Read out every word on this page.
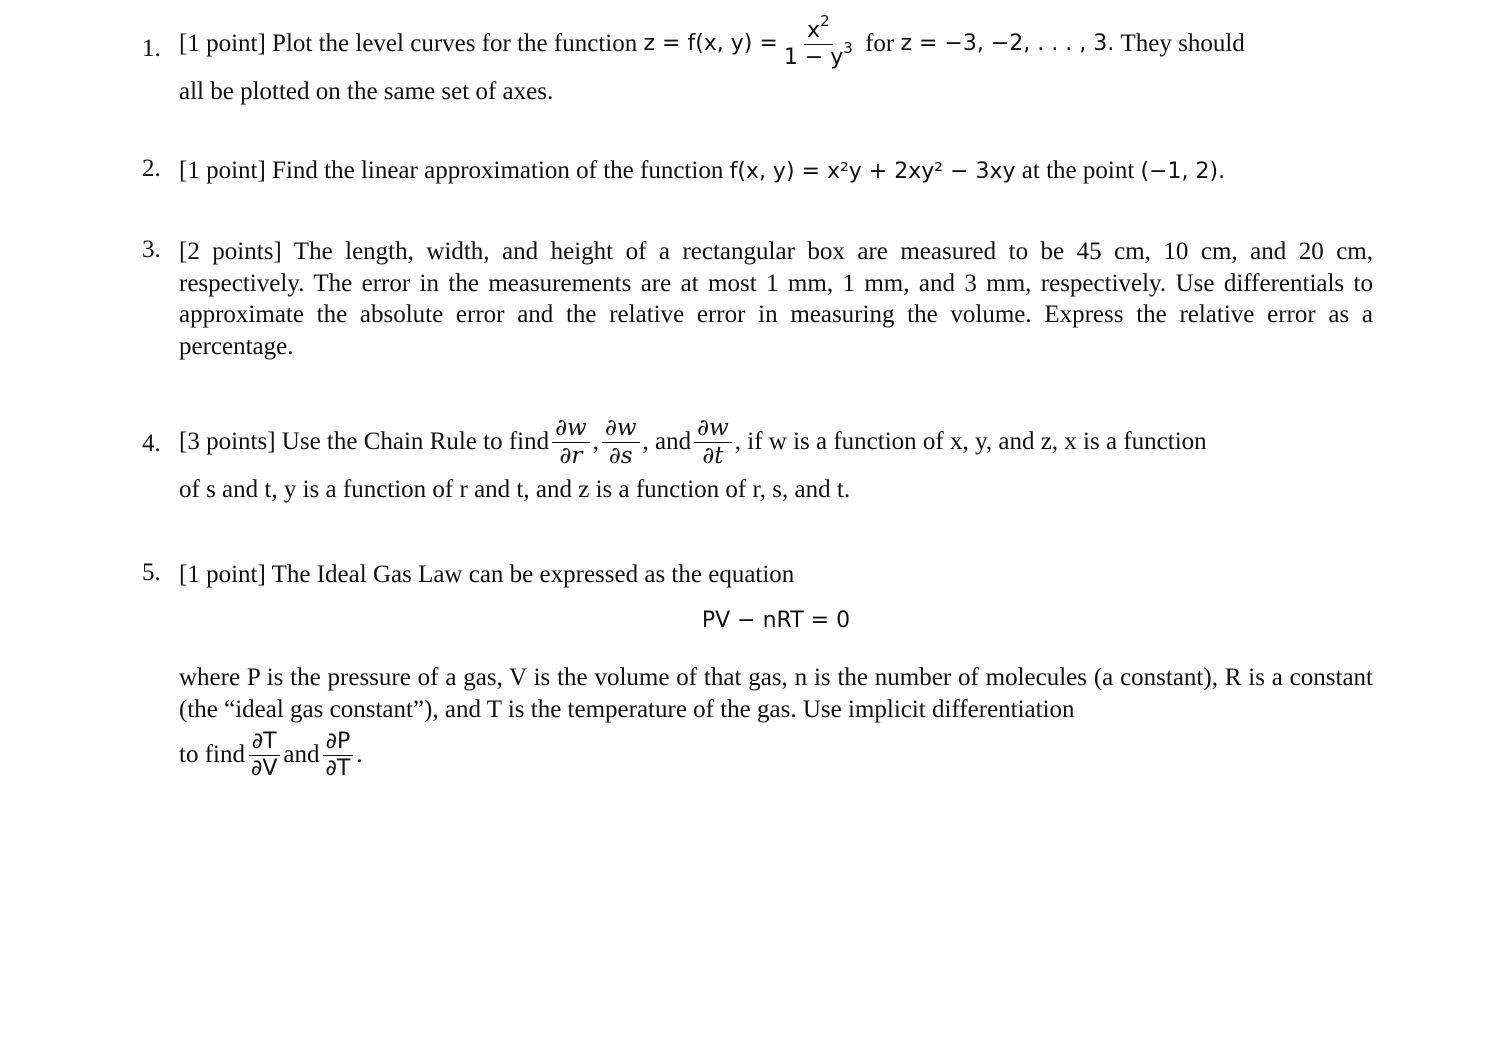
1. [1 point]
Plot the level curves for the function
z = f(x, $y) = \frac{x^2}{1 - y^3}$
for
z = −3, −2, . . . , 3.
They should
all be plotted on the same set of axes.
2. [1 point] Find the linear approximation of the function f(x, y) = x²y + 2xy² − 3xy at the point (−1, 2).
3. [2 points] The length, width, and height of a rectangular box are measured to be 45 cm, 10 cm, and 20 cm, respectively. The error in the measurements are at most 1 mm, 1 mm, and 3 mm, respectively. Use differentials to approximate the absolute error and the relative error in measuring the volume. Express the relative error as a percentage.
4. [3 points]
Use the Chain Rule to find $\frac{\partial w}{\partial r}$ , $\frac{\partial w}{\partial s}$ , and $\frac{\partial w}{\partial t}$ , if w is a function of x, y, and z, x is a function
of s and t, y is a function of r and t, and z is a function of r, s, and t.
5. [1 point] The Ideal Gas Law can be expressed as the equation
PV − nRT = 0
where P is the pressure of a gas, V is the volume of that gas, n is the number of molecules (a constant), R is a constant (the “ideal gas constant”), and T is the temperature of the gas. Use implicit differentiation
to find $\frac{\partial T}{\partial V}$ and $\frac{\partial P}{\partial T}$ .
